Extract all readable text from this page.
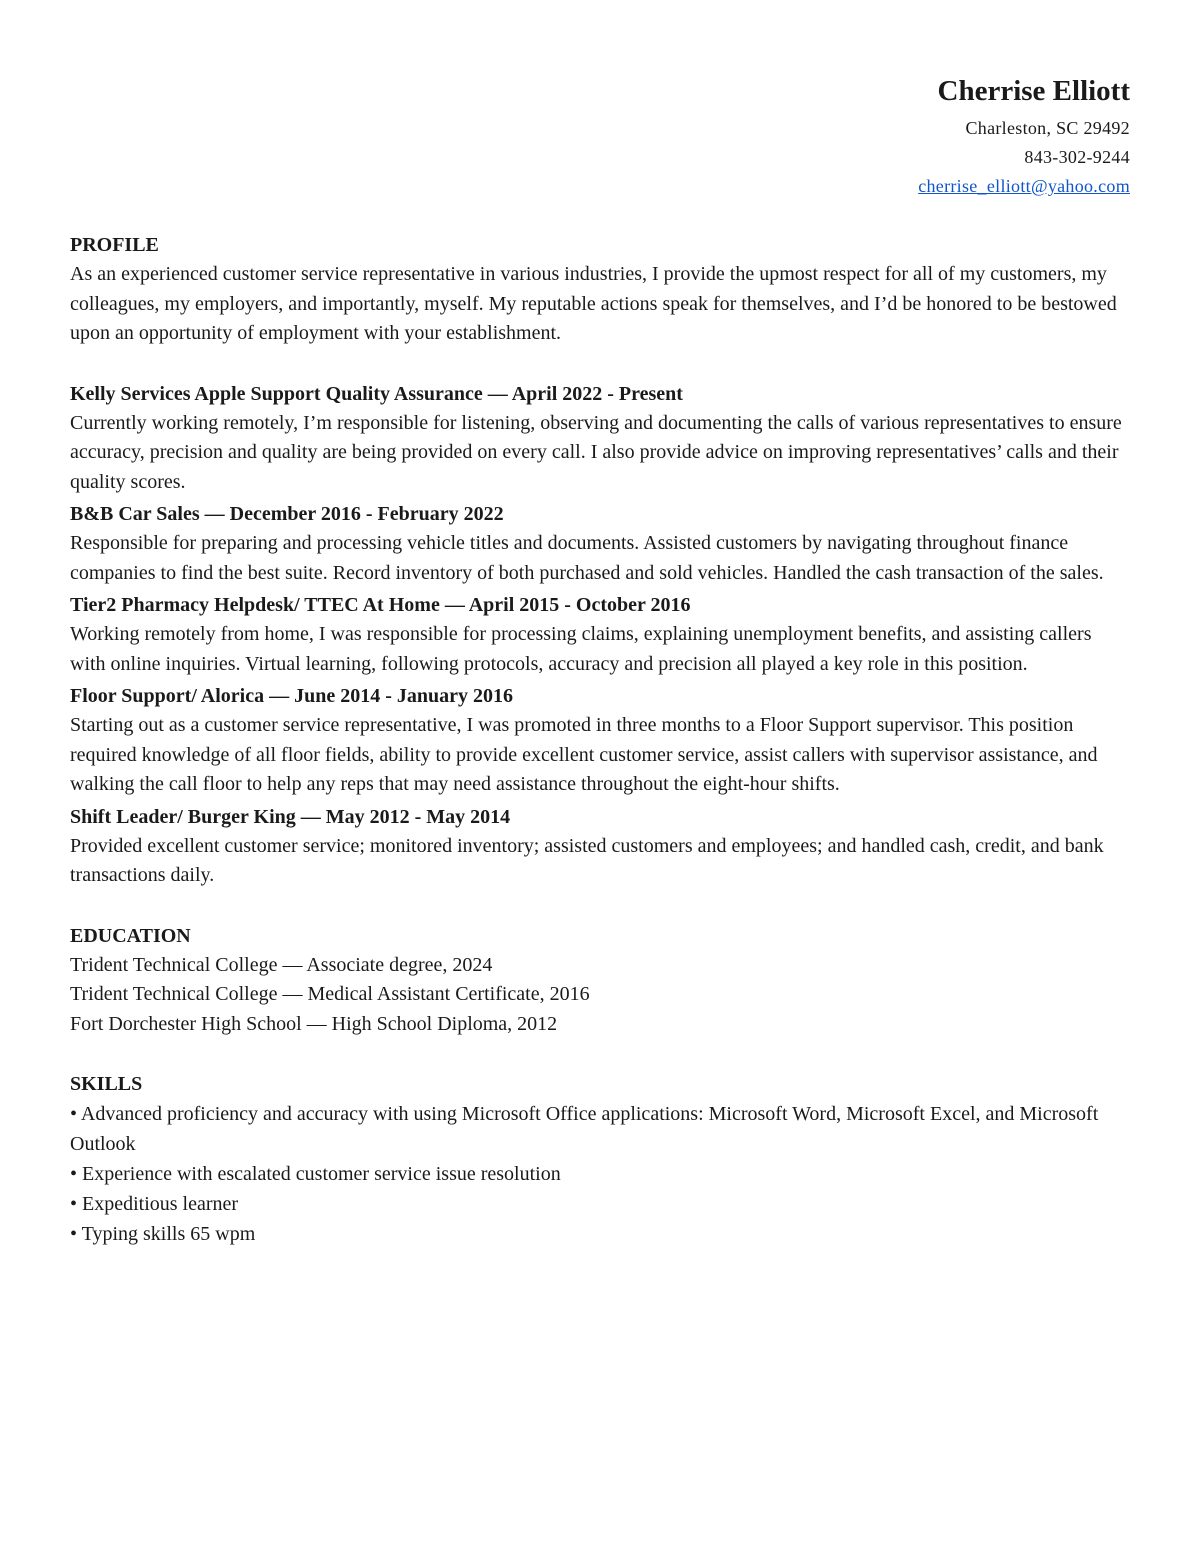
Cherrise Elliott
Charleston, SC 29492
843-302-9244
cherrise_elliott@yahoo.com
PROFILE

As an experienced customer service representative in various industries, I provide the upmost respect for all of my customers, my colleagues, my employers, and importantly, myself. My reputable actions speak for themselves, and I’d be honored to be bestowed upon an opportunity of employment with your establishment.

Kelly Services Apple Support Quality Assurance — April 2022 - Present

Currently working remotely, I’m responsible for listening, observing and documenting the calls of various representatives to ensure accuracy, precision and quality are being provided on every call. I also provide advice on improving representatives’ calls and their quality scores.

B&B Car Sales — December 2016 - February 2022

Responsible for preparing and processing vehicle titles and documents. Assisted customers by navigating throughout finance companies to find the best suite. Record inventory of both purchased and sold vehicles. Handled the cash transaction of the sales.

Tier2 Pharmacy Helpdesk/ TTEC At Home — April 2015 - October 2016

Working remotely from home, I was responsible for processing claims, explaining unemployment benefits, and assisting callers with online inquiries. Virtual learning, following protocols, accuracy and precision all played a key role in this position.

Floor Support/ Alorica — June 2014 - January 2016

Starting out as a customer service representative, I was promoted in three months to a Floor Support supervisor. This position required knowledge of all floor fields, ability to provide excellent customer service, assist callers with supervisor assistance, and walking the call floor to help any reps that may need assistance throughout the eight-hour shifts.

Shift Leader/ Burger King — May 2012 - May 2014

Provided excellent customer service; monitored inventory; assisted customers and employees; and handled cash, credit, and bank transactions daily.

EDUCATION
Trident Technical College — Associate degree, 2024
Trident Technical College — Medical Assistant Certificate, 2016
Fort Dorchester High School — High School Diploma, 2012
SKILLS
• Advanced proficiency and accuracy with using Microsoft Office applications: Microsoft Word, Microsoft Excel, and Microsoft Outlook
• Experience with escalated customer service issue resolution
• Expeditious learner
• Typing skills 65 wpm
